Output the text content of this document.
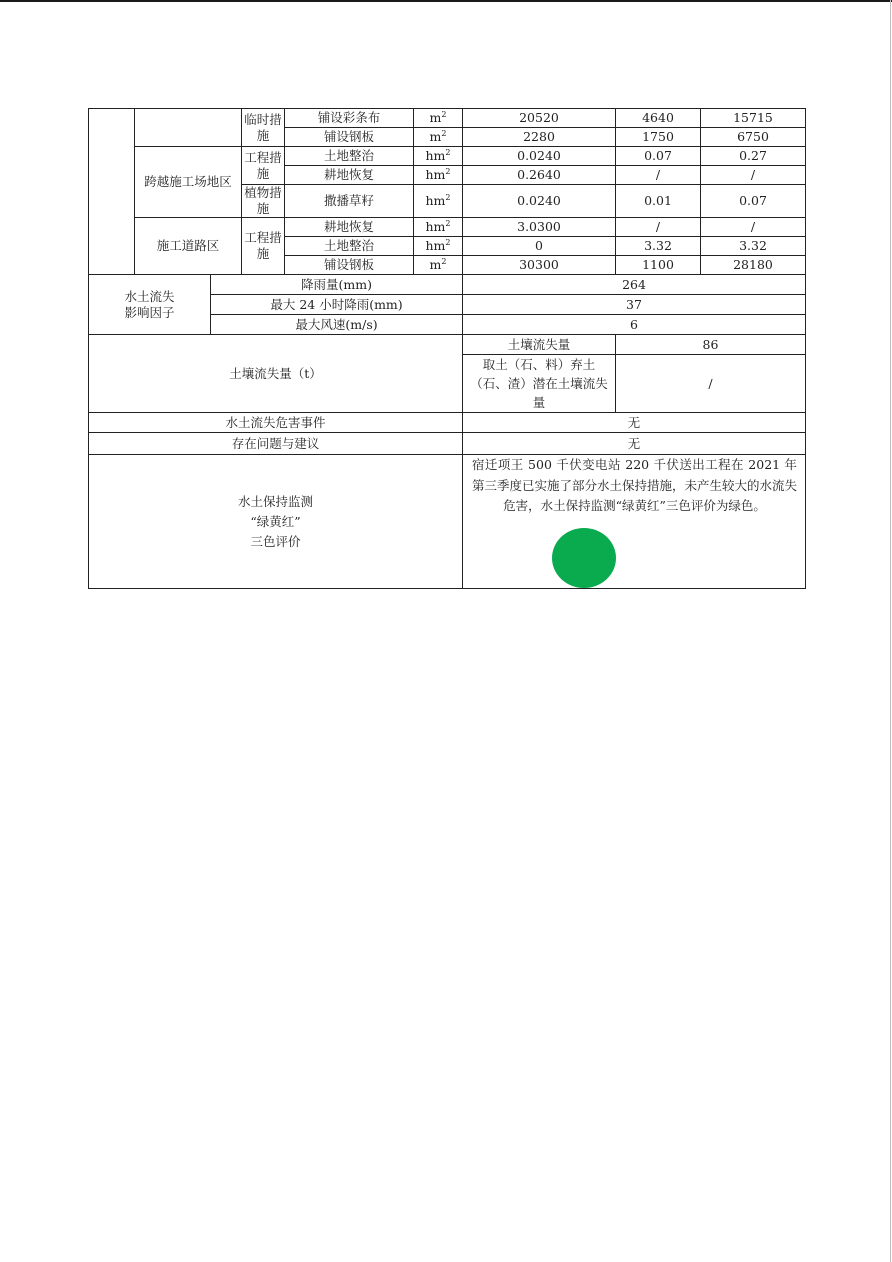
			临时措施	铺设彩条布	$m^2$	20520	4640	15715
				铺设钢板	$m^2$	2280	1750	6750
	跨越施工场地区		工程措施	土地整治	$hm^2$	0.0240	0.07	0.27
				耕地恢复	$hm^2$	0.2640	/	/
			植物措施	撒播草籽	$hm^2$	0.0240	0.01	0.07
	施工道路区		工程措施	耕地恢复	$hm^2$	3.0300	/	/
				土地整治	$hm^2$	0	3.32	3.32
				铺设钢板	$m^2$	30300	1100	28180
水土流失
影响因子		降雨量(mm)				264		
		最大 24 小时降雨(mm)				37		
		最大风速(m/s)				6		
土壤流失量（t）						土壤流失量	86	
						取土（石、料）弃土（石、渣）潜在土壤流失量	/	
水土流失危害事件						无		
存在问题与建议						无		
水土保持监测
“绿黄红”
三色评价						宿迁项王 500 千伏变电站 220 千伏送出工程在 2021 年第三季度已实施了部分水土保持措施，未产生较大的水流失危害，水土保持监测“绿黄红”三色评价为绿色。		
